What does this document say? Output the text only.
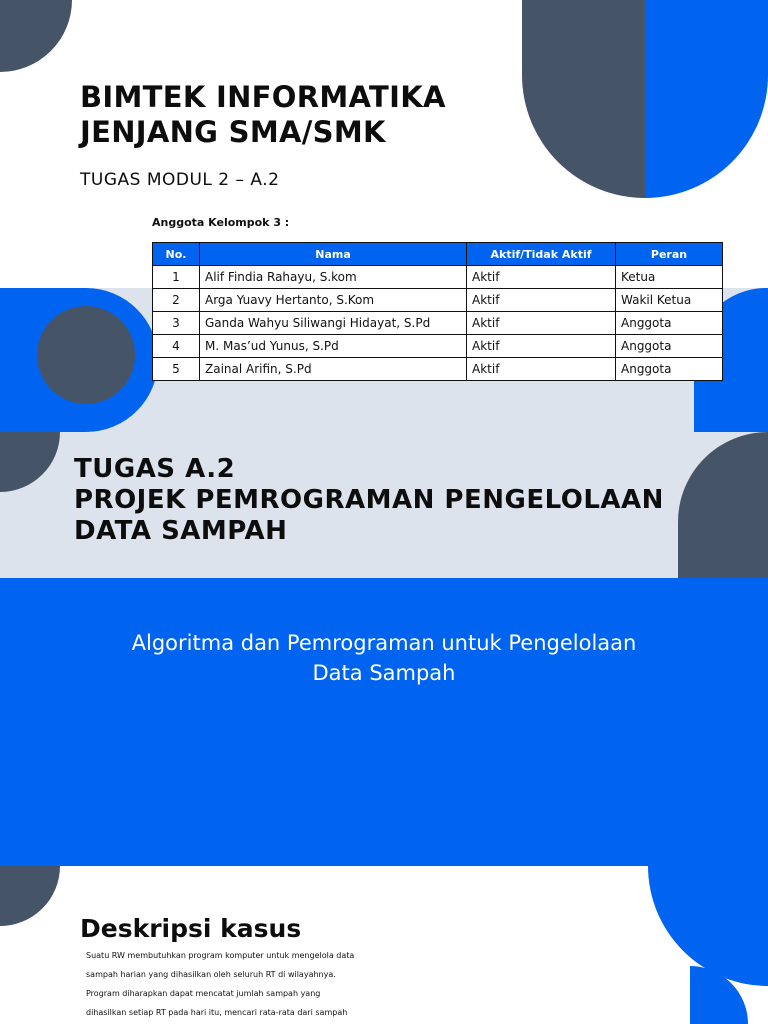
BIMTEK INFORMATIKA
JENJANG SMA/SMK
TUGAS MODUL 2 – A.2
Anggota Kelompok 3 :
TUGAS A.2
PROJEK PEMROGRAMAN PENGELOLAAN
DATA SAMPAH
Algoritma dan Pemrograman untuk Pengelolaan
Data Sampah
No.	Nama	Aktif/Tidak Aktif	Peran
1	Alif Findia Rahayu, S.kom	Aktif	Ketua
2	Arga Yuavy Hertanto, S.Kom	Aktif	Wakil Ketua
3	Ganda Wahyu Siliwangi Hidayat, S.Pd	Aktif	Anggota
4	M. Mas’ud Yunus, S.Pd	Aktif	Anggota
5	Zainal Arifin, S.Pd	Aktif	Anggota
Deskripsi kasus
Suatu RW membutuhkan program komputer untuk mengelola data
sampah harian yang dihasilkan oleh seluruh RT di wilayahnya.
Program diharapkan dapat mencatat jumlah sampah yang
dihasilkan setiap RT pada hari itu, mencari rata-rata dari sampah
